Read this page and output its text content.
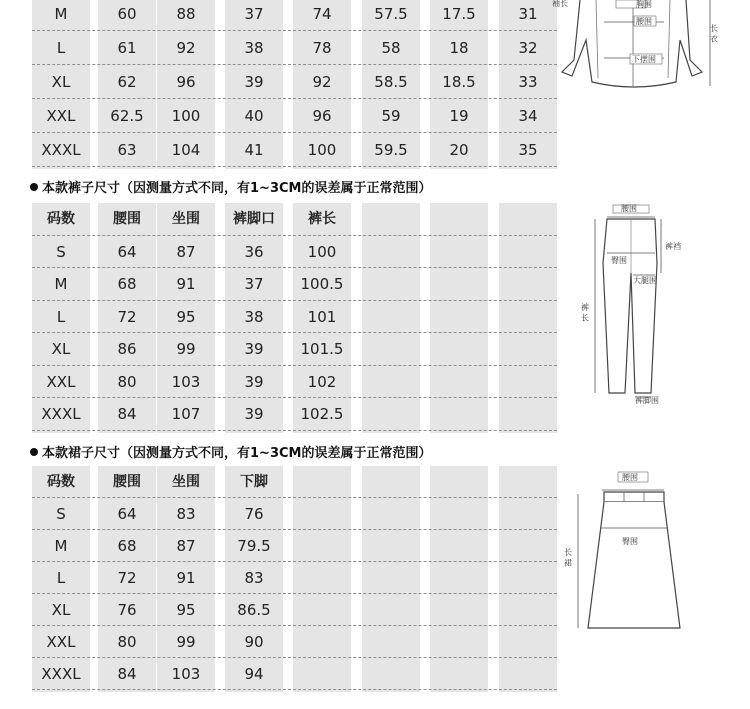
M	60	88	37	74	57.5	17.5	31
L	61	92	38	78	58	18	32
XL	62	96	39	92	58.5	18.5	33
XXL	62.5	100	40	96	59	19	34
XXXL	63	104	41	100	59.5	20	35
袖长	胸围
腰围
下摆围
长 衣
本款裤子尺寸（因测量方式不同，有1~3CM的误差属于正常范围）
码数	腰围	坐围	裤脚口	裤长
S	64	87	36	100
M	68	91	37	100.5
L	72	95	38	101
XL	86	99	39	101.5
XXL	80	103	39	102
XXXL	84	107	39	102.5
腰围
裤裆
臀围
大腿围
裤 长
裤脚围
本款裙子尺寸（因测量方式不同，有1~3CM的误差属于正常范围）
码数	腰围	坐围	下脚
S	64	83	76
M	68	87	79.5
L	72	91	83
XL	76	95	86.5
XXL	80	99	90
XXXL	84	103	94
腰围
臀围
长 裙
